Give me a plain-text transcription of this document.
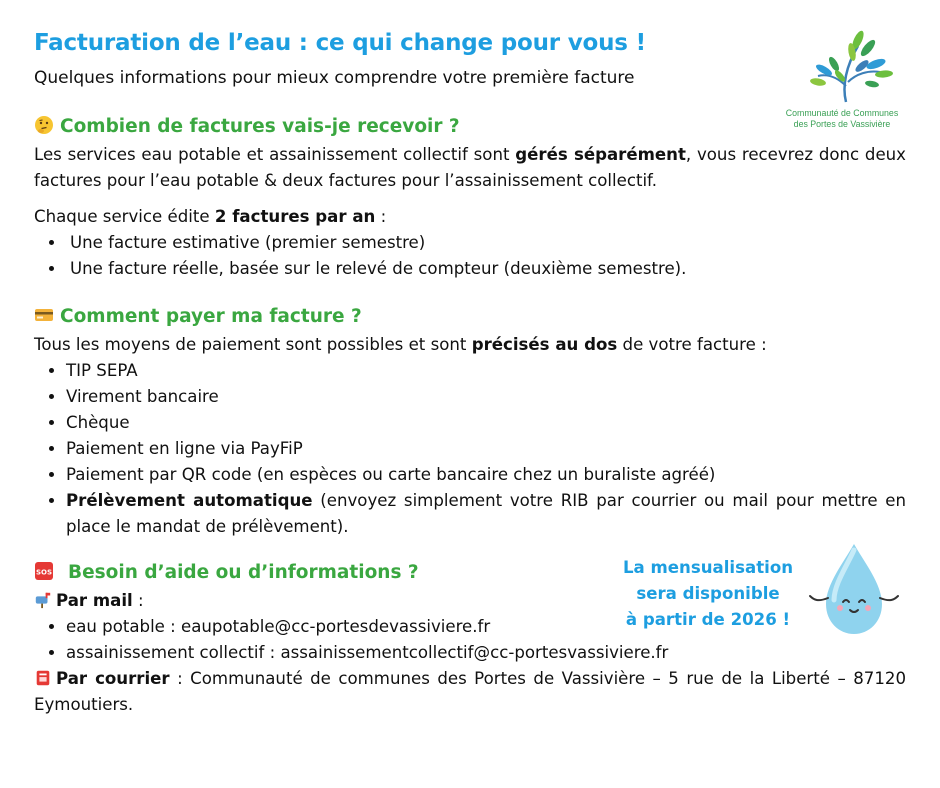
Facturation de l’eau : ce qui change pour vous !

Quelques informations pour mieux comprendre votre première facture

Communauté de Communes
des Portes de Vassivière
Combien de factures vais-je recevoir ?

Les services eau potable et assainissement collectif sont gérés séparément, vous recevrez donc deux factures pour l’eau potable & deux factures pour l’assainissement collectif.

Chaque service édite 2 factures par an :

• Une facture estimative (premier semestre)
• Une facture réelle, basée sur le relevé de compteur (deuxième semestre).
Comment payer ma facture ?

Tous les moyens de paiement sont possibles et sont précisés au dos de votre facture :

• TIP SEPA
• Virement bancaire
• Chèque
• Paiement en ligne via PayFiP
• Paiement par QR code (en espèces ou carte bancaire chez un buraliste agréé)
• Prélèvement automatique (envoyez simplement votre RIB par courrier ou mail pour mettre en place le mandat de prélèvement).
SOS Besoin d’aide ou d’informations ?

Par mail :

• eau potable : eaupotable@cc-portesdevassiviere.fr
• assainissement collectif : assainissementcollectif@cc-portesvassiviere.fr

Par courrier : Communauté de communes des Portes de Vassivière – 5 rue de la Liberté – 87120 Eymoutiers.

La mensualisation
sera disponible
à partir de 2026 !
